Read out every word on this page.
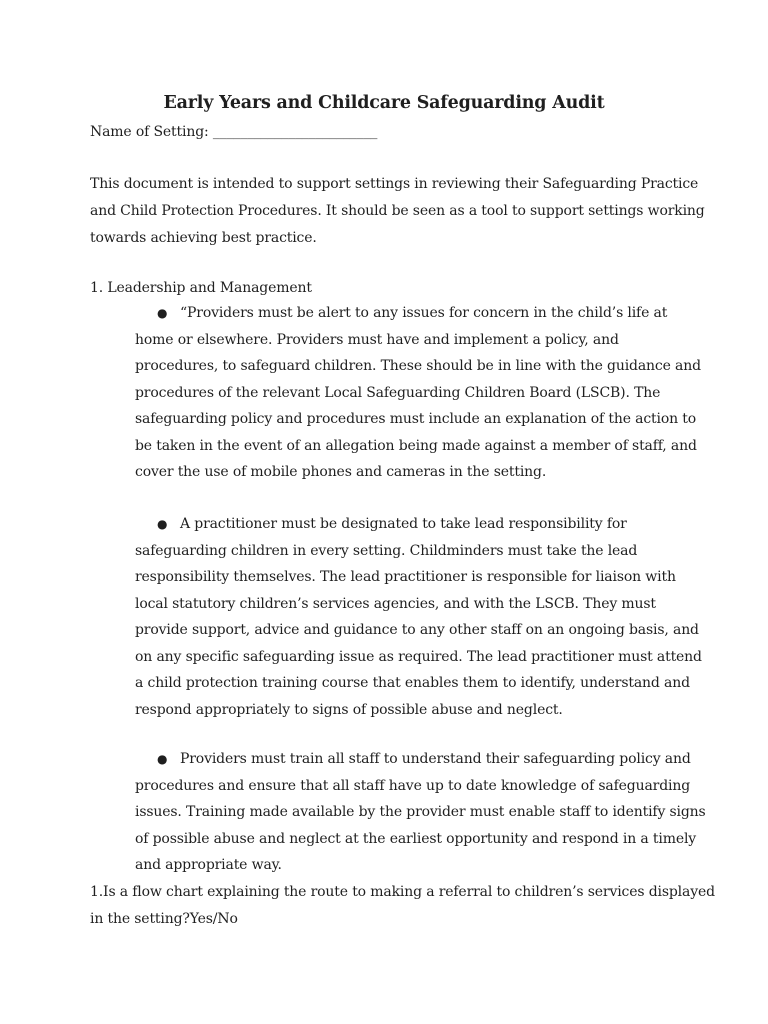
Early Years and Childcare Safeguarding Audit
Name of Setting: ________________________

This document is intended to support settings in reviewing their Safeguarding Practice

and Child Protection Procedures. It should be seen as a tool to support settings working

towards achieving best practice.

1. Leadership and Management
● “Providers must be alert to any issues for concern in the child’s life at

home or elsewhere. Providers must have and implement a policy, and

procedures, to safeguard children. These should be in line with the guidance and

procedures of the relevant Local Safeguarding Children Board (LSCB). The

safeguarding policy and procedures must include an explanation of the action to

be taken in the event of an allegation being made against a member of staff, and

cover the use of mobile phones and cameras in the setting.

● A practitioner must be designated to take lead responsibility for

safeguarding children in every setting. Childminders must take the lead

responsibility themselves. The lead practitioner is responsible for liaison with

local statutory children’s services agencies, and with the LSCB. They must

provide support, advice and guidance to any other staff on an ongoing basis, and

on any specific safeguarding issue as required. The lead practitioner must attend

a child protection training course that enables them to identify, understand and

respond appropriately to signs of possible abuse and neglect.

● Providers must train all staff to understand their safeguarding policy and

procedures and ensure that all staff have up to date knowledge of safeguarding

issues. Training made available by the provider must enable staff to identify signs

of possible abuse and neglect at the earliest opportunity and respond in a timely

and appropriate way.

1.Is a flow chart explaining the route to making a referral to children’s services displayed

in the setting?Yes/No
